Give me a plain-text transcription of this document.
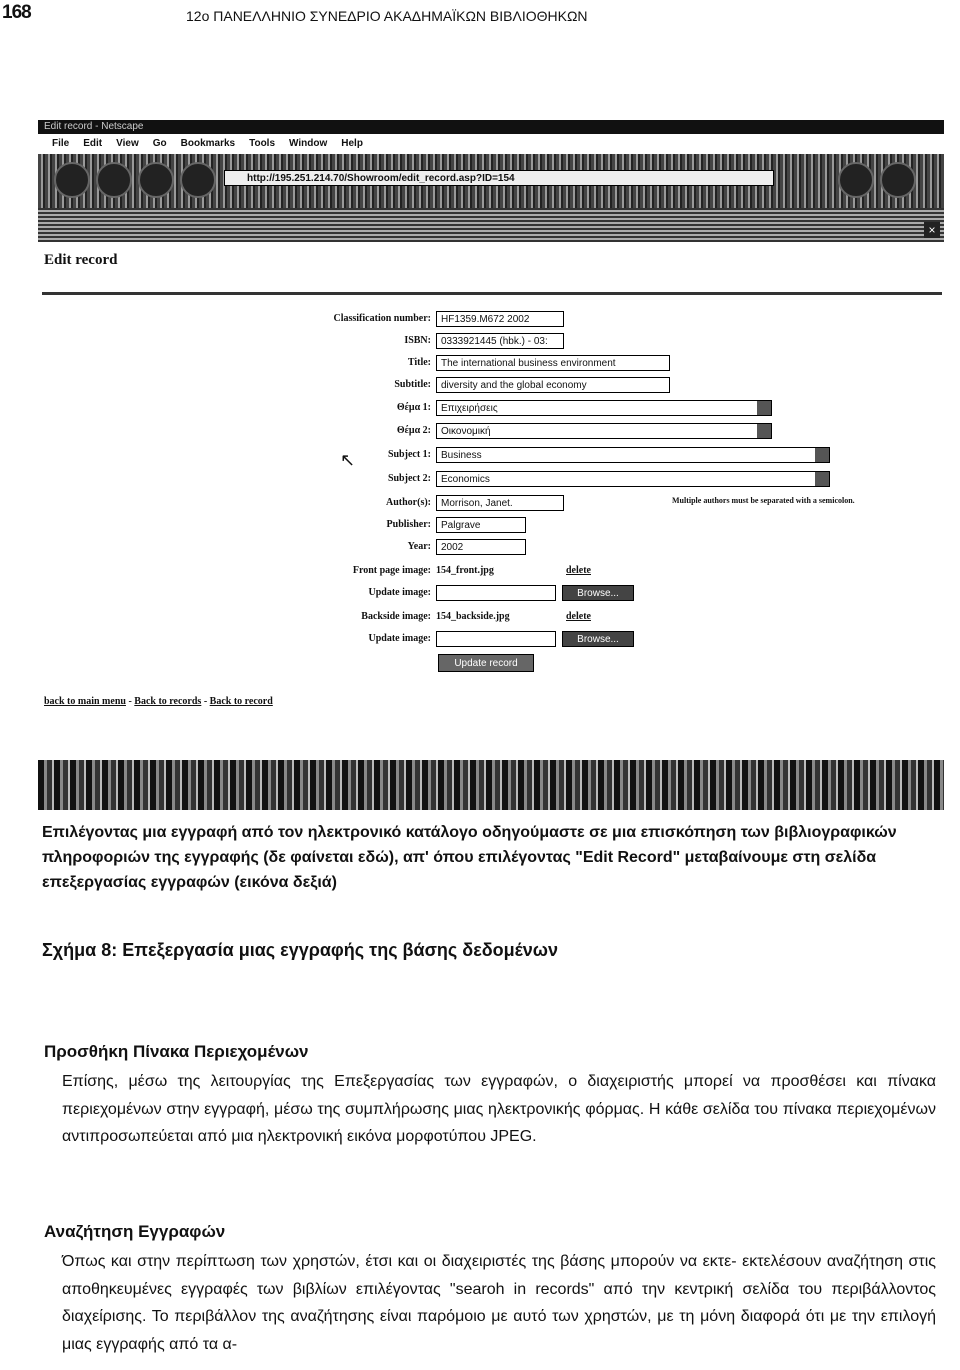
168	12ο ΠΑΝΕΛΛΗΝΙΟ ΣΥΝΕΔΡΙΟ ΑΚΑΔΗΜΑΪΚΩΝ ΒΙΒΛΙΟΘΗΚΩΝ
Edit record - Netscape
File Edit View Go Bookmarks Tools Window Help
http://195.251.214.70/Showroom/edit_record.asp?ID=154
×
Edit record
Classification number:	HF1359.M672 2002
ISBN:	0333921445 (hbk.) - 03:
Title:	The international business environment
Subtitle:	diversity and the global economy
Θέμα 1:	Επιχειρήσεις
Θέμα 2:	Οικονομική
Subject 1:	Business
Subject 2:	Economics
Author(s):	Morrison, Janet.	Multiple authors must be separated with a semicolon.
Publisher:	Palgrave
Year:	2002
Front page image: 154_front.jpg	delete
Update image:	Browse...
Backside image: 154_backside.jpg	delete
Update image:	Browse...
↖
Update record
back to main menu - Back to records - Back to record
Επιλέγοντας μια εγγραφή από τον ηλεκτρονικό κατάλογο οδηγούμαστε σε μια επισκόπηση των βιβλιογραφικών πληροφοριών της εγγραφής (δε φαίνεται εδώ), απ' όπου επιλέγοντας "Edit Record" μεταβαίνουμε στη σελίδα επεξεργασίας εγγραφών (εικόνα δεξιά)
Σχήμα 8: Επεξεργασία μιας εγγραφής της βάσης δεδομένων
Προσθήκη Πίνακα Περιεχομένων
Επίσης, μέσω της λειτουργίας της Επεξεργασίας των εγγραφών, ο διαχειριστής μπορεί να προσθέσει και πίνακα περιεχομένων στην εγγραφή, μέσω της συμπλήρωσης μιας ηλεκτρονικής φόρμας. Η κάθε σελίδα του πίνακα περιεχομένων αντιπροσωπεύεται από μια ηλεκτρονική εικόνα μορφοτύπου JPEG.
Αναζήτηση Εγγραφών
Όπως και στην περίπτωση των χρηστών, έτσι και οι διαχειριστές της βάσης μπορούν να εκτε- εκτελέσουν αναζήτηση στις αποθηκευμένες εγγραφές των βιβλίων επιλέγοντας "searoh in records" από την κεντρική σελίδα του περιβάλλοντος διαχείρισης. Το περιβάλλον της αναζήτησης είναι παρόμοιο με αυτό των χρηστών, με τη μόνη διαφορά ότι με την επιλογή μιας εγγραφής από τα α-
